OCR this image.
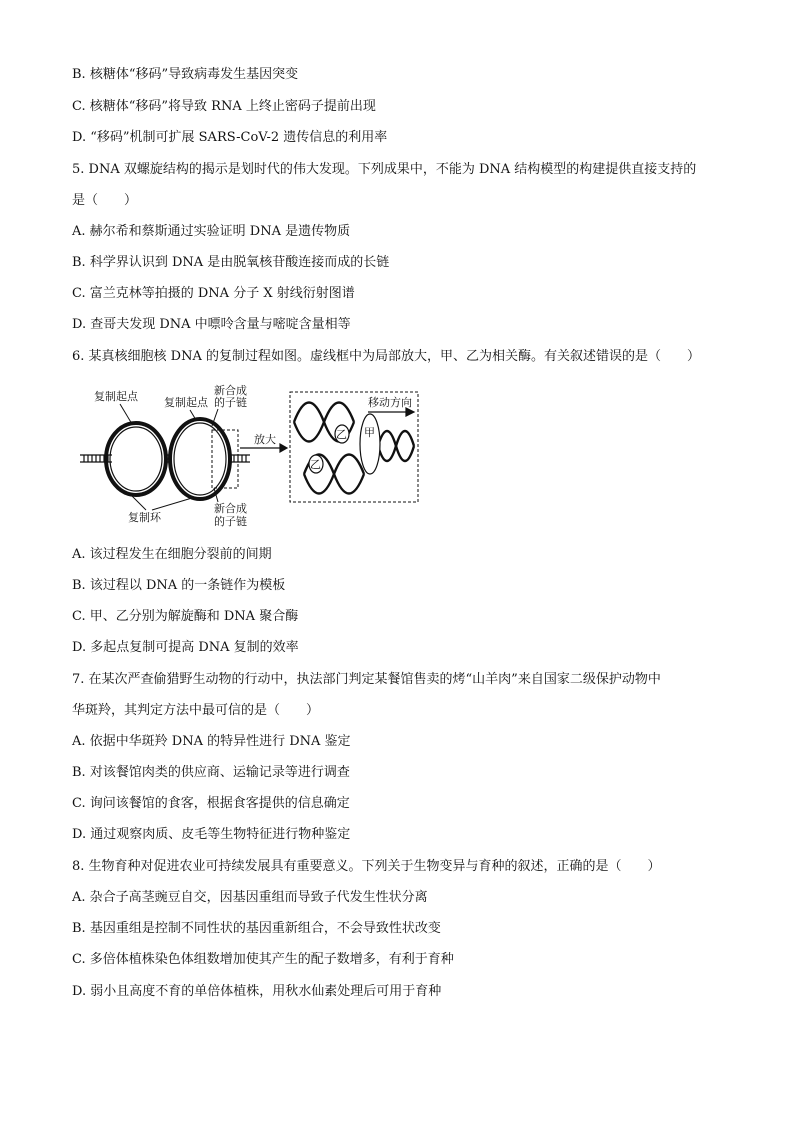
B. 核糖体“移码”导致病毒发生基因突变
C. 核糖体“移码”将导致 RNA 上终止密码子提前出现
D. “移码”机制可扩展 SARS-CoV-2 遗传信息的利用率
5. DNA 双螺旋结构的揭示是划时代的伟大发现。下列成果中，不能为 DNA 结构模型的构建提供直接支持的
是（　　）
A. 赫尔希和蔡斯通过实验证明 DNA 是遗传物质
B. 科学界认识到 DNA 是由脱氧核苷酸连接而成的长链
C. 富兰克林等拍摄的 DNA 分子 X 射线衍射图谱
D. 查哥夫发现 DNA 中嘌呤含量与嘧啶含量相等
6. 某真核细胞核 DNA 的复制过程如图。虚线框中为局部放大，甲、乙为相关酶。有关叙述错误的是（　　）
放大
复制起点 复制起点
新合成
的子链
复制环
新合成
的子链
甲
乙
乙
移动方向
A. 该过程发生在细胞分裂前的间期
B. 该过程以 DNA 的一条链作为模板
C. 甲、乙分别为解旋酶和 DNA 聚合酶
D. 多起点复制可提高 DNA 复制的效率
7. 在某次严查偷猎野生动物的行动中，执法部门判定某餐馆售卖的烤“山羊肉”来自国家二级保护动物中
华斑羚，其判定方法中最可信的是（　　）
A. 依据中华斑羚 DNA 的特异性进行 DNA 鉴定
B. 对该餐馆肉类的供应商、运输记录等进行调查
C. 询问该餐馆的食客，根据食客提供的信息确定
D. 通过观察肉质、皮毛等生物特征进行物种鉴定
8. 生物育种对促进农业可持续发展具有重要意义。下列关于生物变异与育种的叙述，正确的是（　　）
A. 杂合子高茎豌豆自交，因基因重组而导致子代发生性状分离
B. 基因重组是控制不同性状的基因重新组合，不会导致性状改变
C. 多倍体植株染色体组数增加使其产生的配子数增多，有利于育种
D. 弱小且高度不育的单倍体植株，用秋水仙素处理后可用于育种
